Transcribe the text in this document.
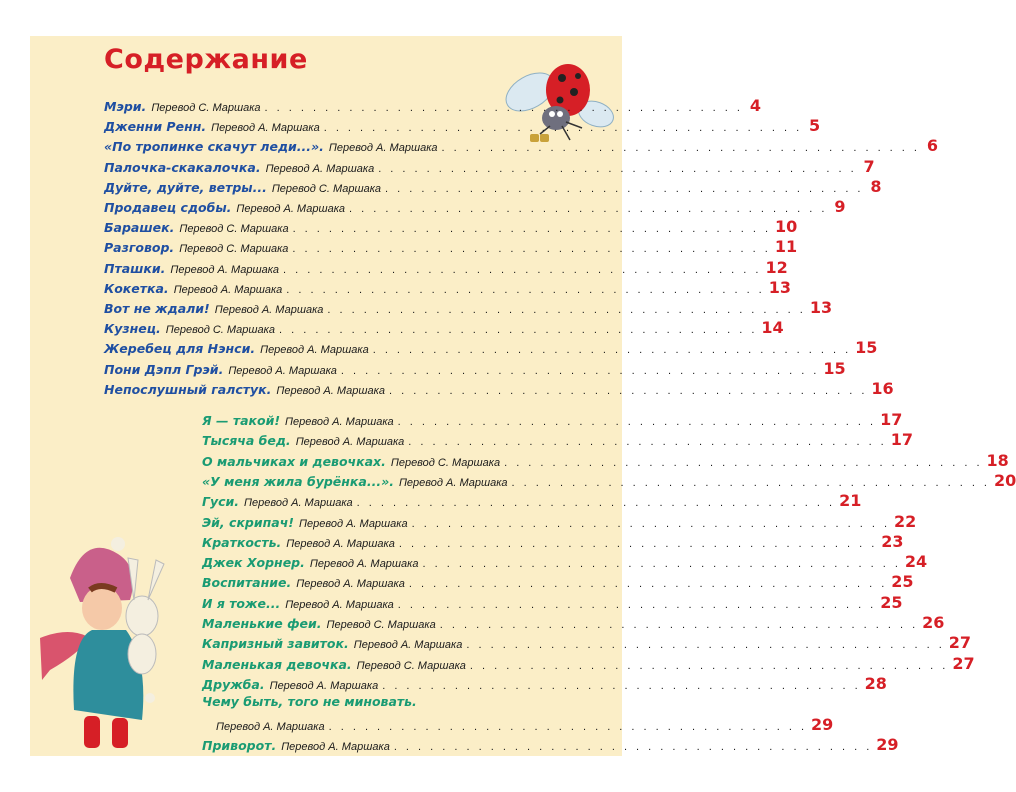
Содержание
Мэри. Перевод С. Маршака . . . . . . . . . . . . . . . . . . . . . . . . . . . . . . . . . . . . . . . . 4
Дженни Ренн. Перевод А. Маршака . . . . . . . . . . . . . . . . . . . . . . . . . . . . . . . . . . . . . . . . 5
«По тропинке скачут леди...». Перевод А. Маршака . . . . . . . . . . . . . . . . . . . . . . . . . . . . . . . . . . . . . . . . 6
Палочка-скакалочка. Перевод А. Маршака . . . . . . . . . . . . . . . . . . . . . . . . . . . . . . . . . . . . . . . . 7
Дуйте, дуйте, ветры... Перевод С. Маршака . . . . . . . . . . . . . . . . . . . . . . . . . . . . . . . . . . . . . . . . 8
Продавец сдобы. Перевод А. Маршака . . . . . . . . . . . . . . . . . . . . . . . . . . . . . . . . . . . . . . . . 9
Барашек. Перевод С. Маршака . . . . . . . . . . . . . . . . . . . . . . . . . . . . . . . . . . . . . . . . 10
Разговор. Перевод С. Маршака . . . . . . . . . . . . . . . . . . . . . . . . . . . . . . . . . . . . . . . . 11
Пташки. Перевод А. Маршака . . . . . . . . . . . . . . . . . . . . . . . . . . . . . . . . . . . . . . . . 12
Кокетка. Перевод А. Маршака . . . . . . . . . . . . . . . . . . . . . . . . . . . . . . . . . . . . . . . . 13
Вот не ждали! Перевод А. Маршака . . . . . . . . . . . . . . . . . . . . . . . . . . . . . . . . . . . . . . . . 13
Кузнец. Перевод С. Маршака . . . . . . . . . . . . . . . . . . . . . . . . . . . . . . . . . . . . . . . . 14
Жеребец для Нэнси. Перевод А. Маршака . . . . . . . . . . . . . . . . . . . . . . . . . . . . . . . . . . . . . . . . 15
Пони Дэпл Грэй. Перевод А. Маршака . . . . . . . . . . . . . . . . . . . . . . . . . . . . . . . . . . . . . . . . 15
Непослушный галстук. Перевод А. Маршака . . . . . . . . . . . . . . . . . . . . . . . . . . . . . . . . . . . . . . . . 16
Я — такой! Перевод А. Маршака . . . . . . . . . . . . . . . . . . . . . . . . . . . . . . . . . . . . . . . . 17
Тысяча бед. Перевод А. Маршака . . . . . . . . . . . . . . . . . . . . . . . . . . . . . . . . . . . . . . . . 17
О мальчиках и девочках. Перевод С. Маршака . . . . . . . . . . . . . . . . . . . . . . . . . . . . . . . . . . . . . . . . 18
«У меня жила бурёнка...». Перевод А. Маршака . . . . . . . . . . . . . . . . . . . . . . . . . . . . . . . . . . . . . . . . 20
Гуси. Перевод А. Маршака . . . . . . . . . . . . . . . . . . . . . . . . . . . . . . . . . . . . . . . . 21
Эй, скрипач! Перевод А. Маршака . . . . . . . . . . . . . . . . . . . . . . . . . . . . . . . . . . . . . . . . 22
Краткость. Перевод А. Маршака . . . . . . . . . . . . . . . . . . . . . . . . . . . . . . . . . . . . . . . . 23
Джек Хорнер. Перевод А. Маршака . . . . . . . . . . . . . . . . . . . . . . . . . . . . . . . . . . . . . . . . 24
Воспитание. Перевод А. Маршака . . . . . . . . . . . . . . . . . . . . . . . . . . . . . . . . . . . . . . . . 25
И я тоже... Перевод А. Маршака . . . . . . . . . . . . . . . . . . . . . . . . . . . . . . . . . . . . . . . . 25
Маленькие феи. Перевод С. Маршака . . . . . . . . . . . . . . . . . . . . . . . . . . . . . . . . . . . . . . . . 26
Капризный завиток. Перевод А. Маршака . . . . . . . . . . . . . . . . . . . . . . . . . . . . . . . . . . . . . . . . 27
Маленькая девочка. Перевод С. Маршака . . . . . . . . . . . . . . . . . . . . . . . . . . . . . . . . . . . . . . . . 27
Дружба. Перевод А. Маршака . . . . . . . . . . . . . . . . . . . . . . . . . . . . . . . . . . . . . . . . 28
Чему быть, того не миновать.
Перевод А. Маршака . . . . . . . . . . . . . . . . . . . . . . . . . . . . . . . . . . . . . . . . 29
Приворот. Перевод А. Маршака . . . . . . . . . . . . . . . . . . . . . . . . . . . . . . . . . . . . . . . . 29
